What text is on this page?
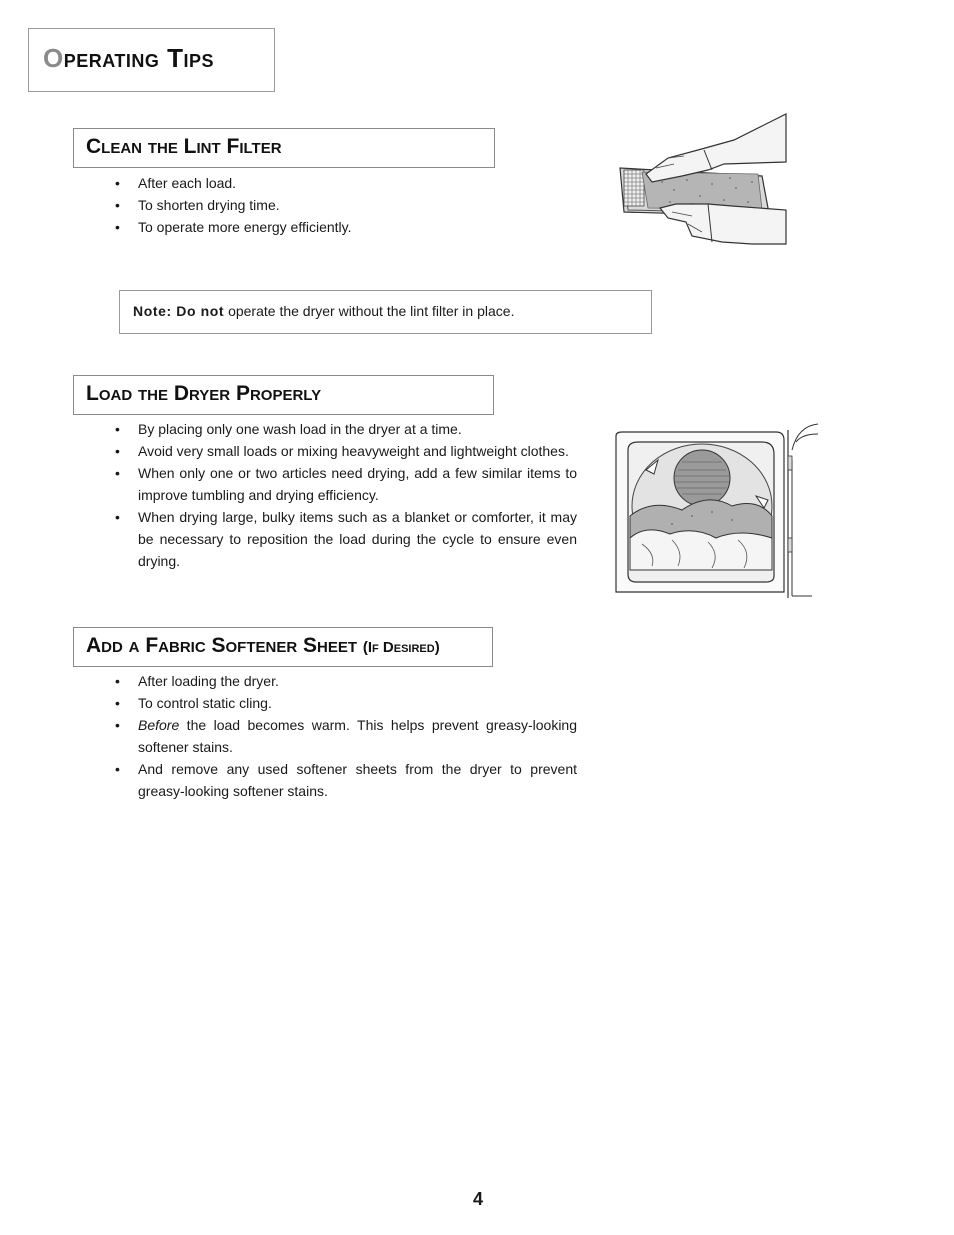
Operating Tips
Clean the Lint Filter
• After each load.
• To shorten drying time.
• To operate more energy efficiently.

Note: Do not operate the dryer without the lint filter in place.

Load the Dryer Properly
• By placing only one wash load in the dryer at a time.
• Avoid very small loads or mixing heavyweight and lightweight clothes.
• When only one or two articles need drying, add a few similar items to improve tumbling and drying efficiency.
• When drying large, bulky items such as a blanket or comforter, it may be necessary to reposition the load during the cycle to ensure even drying.
Add a Fabric Softener Sheet (If Desired)
• After loading the dryer.
• To control static cling.
• Before the load becomes warm. This helps prevent greasy-looking softener stains.
• And remove any used softener sheets from the dryer to prevent greasy-looking softener stains.
4
